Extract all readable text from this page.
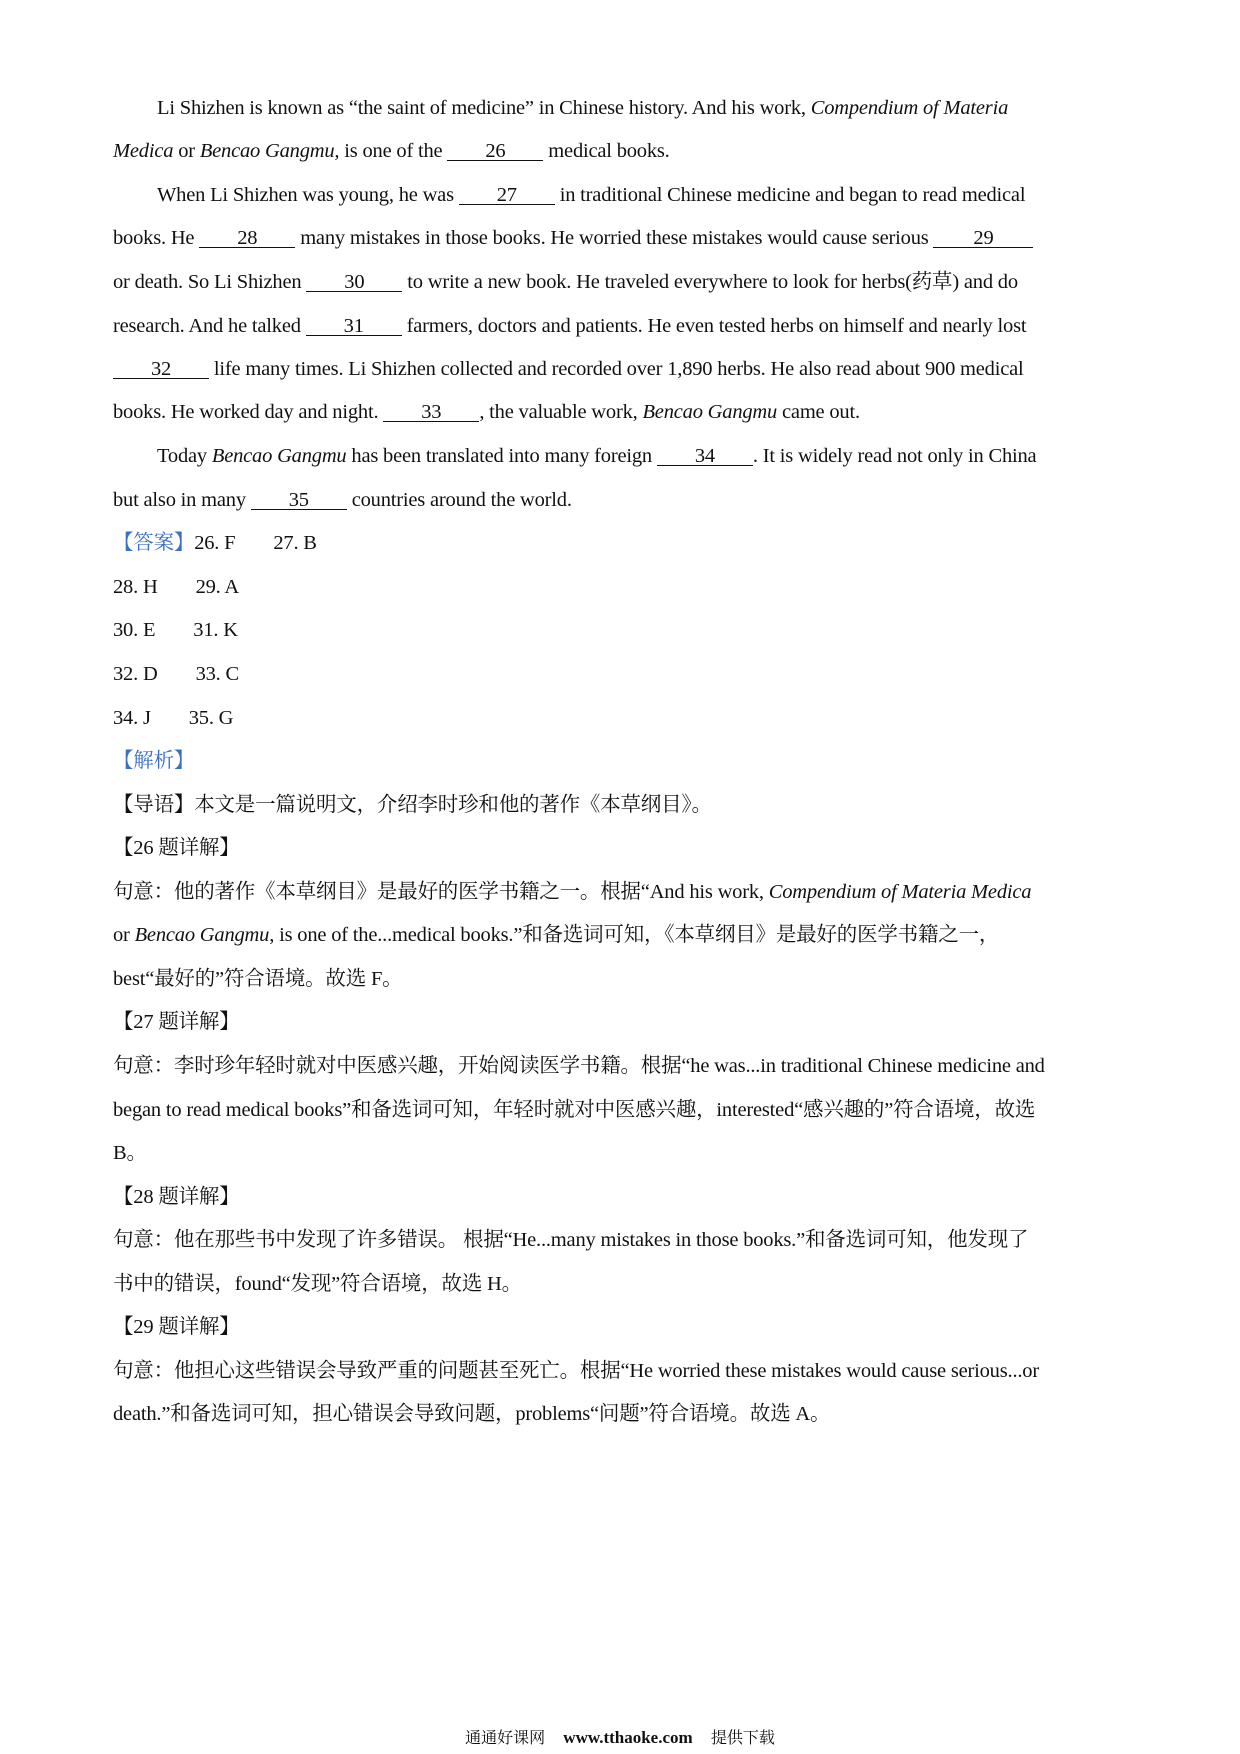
Li Shizhen is known as “the saint of medicine” in Chinese history. And his work, Compendium of Materia
Medica or Bencao Gangmu, is one of the 26 medical books.
When Li Shizhen was young, he was 27 in traditional Chinese medicine and began to read medical
books. He 28 many mistakes in those books. He worried these mistakes would cause serious 29
or death. So Li Shizhen 30 to write a new book. He traveled everywhere to look for herbs(药草) and do
research. And he talked 31 farmers, doctors and patients. He even tested herbs on himself and nearly lost
32 life many times. Li Shizhen collected and recorded over 1,890 herbs. He also read about 900 medical
books. He worked day and night. 33 , the valuable work, Bencao Gangmu came out.
Today Bencao Gangmu has been translated into many foreign 34 . It is widely read not only in China
but also in many 35 countries around the world.
【答案】26. F 27. B
28. H 29. A
30. E 31. K
32. D 33. C
34. J 35. G
【解析】
【导语】本文是一篇说明文，介绍李时珍和他的著作《本草纲目》。
【26 题详解】
句意：他的著作《本草纲目》是最好的医学书籍之一。根据“And his work, Compendium of Materia Medica
or Bencao Gangmu, is one of the...medical books.”和备选词可知，《本草纲目》是最好的医学书籍之一，
best“最好的”符合语境。故选 F。
【27 题详解】
句意：李时珍年轻时就对中医感兴趣，开始阅读医学书籍。根据“he was...in traditional Chinese medicine and
began to read medical books”和备选词可知，年轻时就对中医感兴趣，interested“感兴趣的”符合语境，故选
B。
【28 题详解】
句意：他在那些书中发现了许多错误。 根据“He...many mistakes in those books.”和备选词可知，他发现了
书中的错误，found“发现”符合语境，故选 H。
【29 题详解】
句意：他担心这些错误会导致严重的问题甚至死亡。根据“He worried these mistakes would cause serious...or
death.”和备选词可知，担心错误会导致问题，problems“问题”符合语境。故选 A。
通通好课网 www.tthaoke.com 提供下载
